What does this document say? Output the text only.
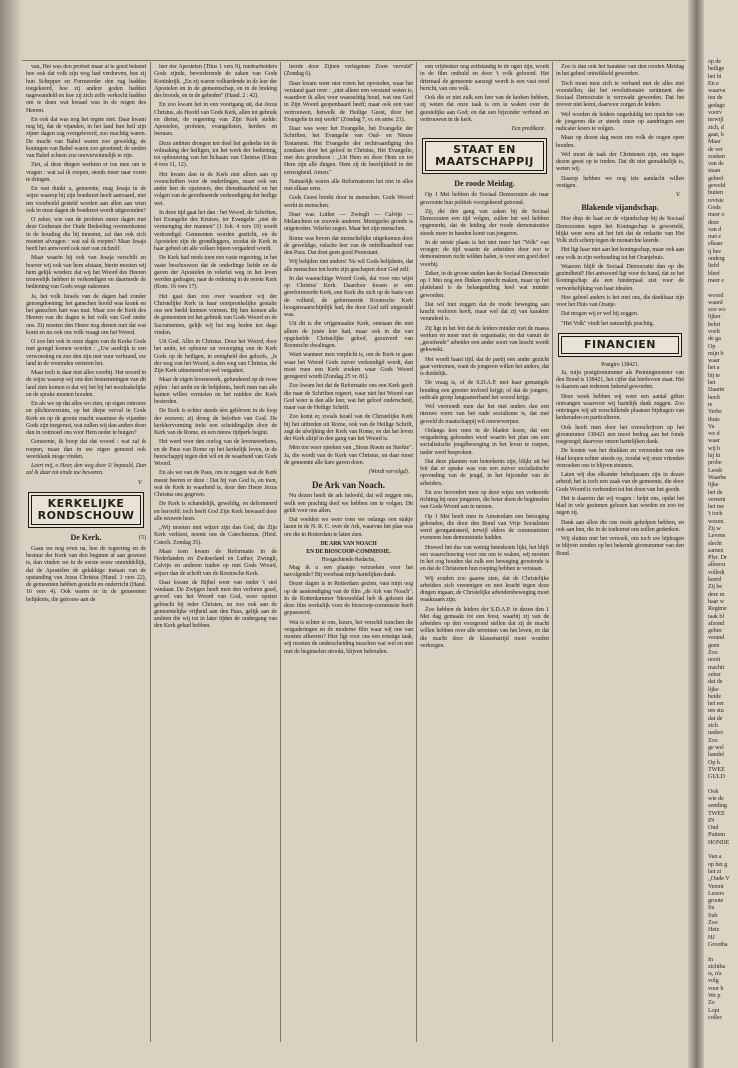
van, Het was den profeet maar al te goed bekend hoe ook dat volk zijn weg had verdorven, hoe zij hun Schepper en Formeerder den rug hadden toegekeerd, hoe zij andere goden hadden nagewandeld en hoe zij zich zelfs verkocht hadden om te doen wat kwaad was in de oogen des Heeren.

En ook dat was nog het ergste niet. Daar kwam nog bij, dat de vijanden, in het land hun heil zijn zijner dagen zag overgeleverd, zoo machtig waren. De macht van Babel waren zoo geweldig; de koningen van Babel waren zoo geoefend; de steden van Babel scheen zoo onoverwinnelijk te zijn.

Ziet, al deze dingen werkten er toe mee om te vragen : wat zal ik roepen, steeds meer naar voren te dringen.

En wat dunkt u, gemeente, mag Jesaja in de wijze waarop hij zijn boetkreet heeft aanvaard, niet ten voorbeeld gesteld worden aan allen aan wien ook in onze dagen de boetkreet wordt uitgezonden?

O zeker, wie van de profeten onzer dagen met deze Godsman der Oude Bedeeling overeenkomst in de houding die hij inneemt, zal dan ook zich moeten afvragen : wat zal ik roepen? Maar Jesaja heeft het antwoord ook niet van zichzelf.

Maar waarin hij ook van Jesaja verschilt en hoever wij ook van hem afstaan, hierin moeten wij hem gelijk worden: dat wij het Woord des Heeren trouwelijk hebben te verkondigen en daarmede de bediening van Gods wege nakomen.

Ja, het volk Israels van de dagen had zonder genoegdoening; het ganschen hoofd was krank en het ganschen hart was mat. Maar zoo de Kerk des Heeren van die dagen is het volk van God onder ons. Zij moeten den Heere nog dienen met dat wat komt en nu ook ons volk vraagt om het Woord.

O zoo het ook in onze dagen van de Kerke Gods met geregd komen worden : „Uw aardrijk is een verwoesting en zoo den zijn met vuur verbrand, uw land in de vreemden verteren het.

Maar toch is daar niet alles voorbij. Het woord in de wijze waarop wij ons den bestemmingen van dit land zien komen is dat wij het bij het noodzakelijke en de sprake moeten houden.

En als we op dat alles wo zien, op eigen ontrouw en plichtsverzuim, op het diepe verval in Gods Kerk en op de groote macht waarmee de vijanden Gods zijn toegerust, wat zullen wij dan anders doen dan in ootmoed ons voor Hem neder te buigen?

Gemeente, ik hoop dat dat woord : wat zal ik roepen, maar dan in uw eigen gemoed ook weerklank moge vinden.

Leert mij, o Heer, den weg door U bepaald, Dan zal ik daar tot einde toe bewaren.

V.
KERKELIJKE
RONDSCHOUW
De Kerk.	(5)

Gaan we nog even na, hoe de regeering en de bestuur der Kerk van den beginne af aan geweest is, dan vinden we in de eerste eeuw onmiddellijk, dat de Apostelen de gelukkige instaan van de opstanding van Jezus Christus (Hand. 1 vers 22), de gemeenten hebben gesticht en onderricht (Hand. 16 vers 4). Ook waren er in de gemeenten belijdenis, die getrouw aan de

leer der Apostelen (Titus 1 vers 9), medearbeiders Gods zijnde, bevorderende de zaken van Gods Koninkrijk. „En zij waren volhardende in de leer der Apostelen en in de gemeenschap, en in de breking des broods, en in de gebeden" (Hand. 2 : 42).

En zoo kwam het in een voortgang uit, dat Jezus Christus, als Hoofd van Gods Kerk, allen tot gebruik en dienst, de regeering van Zijn Kerk stelde: Apostelen, profeten, evangelisten, herders en leeraars.

Deze ambten droegen ten doel het gedeelte tot de volmaking der heiligen, tot het werk der bediening, tot opbouwing van het lichaam van Christus (Efeze 4 vers 11, 12).

Het kwam dan in de Kerk niet alleen aan op voorschriften voor de ouderlingen, maar ook om ander hen de opzieners, den dienstbaarheid en het volgen van de geordineerde verkondiging der heilige wet.

In deze tijd gaat het dan : het Woord, de Schriften, het Evangelie des Kruises, ter Evangelie „niet de vermenging der mannen" (1 Joh. 4 vers 10) wordt verkondigd. Gemeenten worden gesticht, en de Apostelen zijn de grondleggers, zoodat de Kerk in haar geheel uit alle volken bijeen vergaderd wordt.

De Kerk had reeds toen een vaste regeering, in het vaste beschouwen dat de onderlinge liefde en de gaven der Apostelen in velerlei weg in het leven werden gedragen, naar de ordening in de eerste Kerk (Rom. 16 vers 17).

Het gaat dan zoo over waardoor wij der Christelijke Kerk in haar oorspronkelijke gestalte ons een beeld kunnen vormen. Bij hen komen alle de gemeenten tot het gebruik van Gods Woord en de Sacramenten, gelijk wij het nog heden ten dage vinden.

Uit God. Alles in Christus. Door het Woord, door het ambt, tot opbouw en verzorging van de Kerk Gods op de heiligen, in eenigheid des geloofs, „Is der weg van het Woord, is den weg van Christus, die Zijn Kerk uitnemend en wel vergadert.

Maar de eigen levenswerk, gefundeerd op de twee pijlen : het ambt en de belijdenis, heeft men van alle kanten willen vernielen en het midden der Kerk bestreden.

De Kerk is echter steeds één gebleven in de loop der eeuwen; zij droeg de beloften van God. De kerkhervorming trekt een scheidingslijn door de Kerk van de Rome, en een nieuw tijdperk begint.

Het werd voor den oorlog van de levenswerkens, en de Paus van Rome op het kerkelijk leven, in de heerschappij tegen den wil en de waarheid van Gods Woord.

En als we van de Paus, om te zeggen wat de Kerk meest heeren er deze : Dat hij van God is, en toen, wat de Kerk in waarheid is, door den Heere Jezus Christus ons gegeven.

De Kerk is schandelijk, geweldig, en deformeerd en beroofd; toch heeft God Zijn Kerk bewaard door alle eeuwen heen.

„Wij moeten met wijzer zijn dan God, die Zijn Kerk verkiest, noemt ons de Catechismus. (Heid. Catech. Zondag 35).

Maar toen kwam de Reformatie in de Nederlanden en Zwitserland en Luther, Zwingli, Calvijn en anderen traden op met Gods Woord, wijzer dan de schrift van de Roomsche Kerk.

Daar kwam de Bijbel weer van onder 't stof vandaan. De Zwijgen heeft men den verloren goed, gevoel van het Woord van God, weer opzien gebracht bij ieder Christen, en zoo ook aan de gemeentelijke vrijheid aan den Paus, gelijk aan de ambten die wij tot in later tijden de ondergang van den Kerk gehad hebben.

leerde door Zijnen verlegenen Zoon vervuld" (Zondag 6).

Daar kwam weer niet voren het opvoeden, waar het verstand gaat over : „niet alleen een verstand weten is, waardoor ik alles voor waarachtig houd, wat ons God in Zijn Woord geopenbaard heeft; maar ook een vast vertrouwen, hetwelk de Heilige Geest, door het Evangelie in mij werkt" (Zondag 7, vr. en antw. 21).

Daar was weer het Evangelie, het Evangelie der Schriften, het Evangelie van Oud- en Nieuw Testament. Het Evangelie der rechtvaardiging des zondaars door het geloof in Christus, Het Evangelie, met den grondtoon : „Uit Hem en door Hem en tot Hem zijn alle dingen. Hem zij de heerlijkheid in der eeuwigheid. Amen."

Natuurlijk waren alle Reformatoren het niet in alles met elkaar eens.

Gods Geest breekt door in menschen. Gods Woord werkt in menschen.

Daar was Luther — Zwingli — Calvijn — Melanchton en zoovele anderen. Menigerlei gronde is uitgetreden. Velerlei zegen. Maar het zijn menschen.

Rome was boven dat menschelijke uitgekomen door de geweldige, valsche leer van de onfeilbaarheid van den Paus. Dat doet geen goed Protestant.

Wij belijden niet anders! Nu wil Gods belijdenis, dat alle menschen ten korte zijn geschapen door God zelf.

In dat waarachtige Woord Gods, dat voor ons wijst op Christus' Kerk. Daardoor kwam er een gereformeerde Kerk, een Kerk die zich op de basis van de volheid, de geformeerde Roomsche Kerk hoogstwaarschijnlijk had, die door God zelf uitgestald was.

Uit dit is die vrijgemaakte Kerk, ontstaan die niet alleen de juiste leer had, maar ook in die van opgeleefde Christelijke geloof, gezuiverd van Roomsche dwalingen.

Want wanneer men verplicht is, om de Kerk te gaan waar het Woord Gods zuiver verkondigd wordt, dan moet men een Kerk zoeken waar Gods Woord geregeerd wordt (Zondag 25 vr. 81).

Zoo kwam het dat de Reformatie ons een Kerk geeft die naar de Schriften regeert, waar niet het Woord van God weer is dan alle leer, wat het geloof onderscheid, maar van de Heilige Schrift.

Zoo komt er, zooals Israël van de Christelijke Kerk bij het uittreden uit Rome, ook van de Heilige Schrift, zegt de afwijking der Kerk van Rome, en dat het leven der Kerk altijd in den gang van het Woord is.

Men ten weer spreken van „Sions Roem en Sterkte". Ja, die wordt van de Kerk van Christus, en daar moet de gemeente alle hare gaven doen.

(Wordt vervolgd).
De Ark van Noach.

Nu dezen heeft de ark beloofd, dat wil zeggen ons, welk een prachtig doel we hebben om te volgen. Dit geldt voor ons allen.

Dat voelden we weer toen we onlangs een stukje lazen in de N. R. C. over de Ark, waarvan het plan was om die in Rotterdam te laten zien.

DE ARK VAN NOACH
EN DE BIOSCOOP-COMMISSIE.
Hoogachtende Redactie,

Mag ik u een plaatsje verzoeken voor het navolgende? Bij voorbaat mijn hartelijken dank.

Dezer dagen is in Rotterdam gezien, vast mijn oog op de aankondiging van de film „de Ark van Noach". In de Rotterdammer Nieuwsblad heb ik gelezen dat deze film werkelijk voor de bioscoop-commissie heeft gepasseerd.

Wat is echter te ons, lezers, het verschil tusschen die vergaderingen en de moderne film waar wij ons van moeten afkeeren? Hier ligt voor ons een ernstige taak, wij moeten de onderscheiding tusschen wat wel en niet met de beginselen strookt, blijven behouden.

een vrijdenker nog zelfstandig in de ogen zijn, wordt in de film onthuld en door 't volk gehoord. Het driemaal de gemeente aanzegt wordt is een vast rood bericht, van ons volk.

Ook die er niet zulk een leer van de kerken hebben, zij weten dat onze taak is om te waken over de geestelijke aan God; en dat een bijzonder verbond en vertrouwen in de kerk.

Een predikant.
STAAT EN
MAATSCHAPPIJ
De roode Meidag.

Op 1 Mei hebben de Sociaal Democraten als naar gewoonte hun politiek voorgekeerd getoond.

Zij, die den gang van zaken bij de Sociaal Democraten een tijd volgen, zullen het wel hebben opgemerkt, dat de leiding der roode demonstraties steeds meer in handen komt van jongeren.

In de eerste plaats is het niet meer het "Volk" van vroeger; de tijd waarin de arbeiders door zoo te demonstreren recht wilden halen, is voor een goed deel voorbij.

Zeker, in de groote steden kan de Sociaal Democratie op 1 Mei nog een flinken optocht maken, maar op het platteland is de belangstelling heel wat minder geworden.

Dat wil niet zeggen dat de roode beweging aan kracht verloren heeft, maar wel dat zij van karakter veranderd is.

Zij ligt in het feit dat de leiders minder met de massa werken en meer met de organisatie, en dat vanuit de „geoefende" arbeider een ander soort van kracht wordt gekweekt.

Het wordt haast tijd, dat de partij een ander gezicht gaat vertoonen, want de jongeren willen het anders, dat is duidelijk.

De vraag is, of de S.D.A.P. met haar gematigde houding een grooter invloed krijgt; of dat de jongere, radicale groep langzamerhand het woord krijgt.

Wel vermoedt men dat het niet anders dan een nieuwe vorm van het oude socialisme is, dat met geweld de maatschappij wil omverwerpen.

Onlangs kon men in de bladen lezen, dat een vergadering gehouden werd waarin het plan om een socialistische jeugdbeweging in het leven te roepen, nader werd besproken.

Dat deze plannen van beteekenis zijn, blijkt uit het feit dat er sprake was van een zuiver socialistische opvoeding van de jeugd, in het bijzonder van de arbeiders.

En zoo bevordert men op deze wijze een verkeerde richting bij onze jongeren, die beter doen de beginselen van Gods Woord aan te nemen.

Op 1 Mei heeft men in Amsterdam een betooging gehouden, die door den Bond van Vrije Socialisten werd georganiseerd, terwijl elders de communisten eveneens hun demonstratie hadden.

Hoewel het dus van weinig beteekenis lijkt, het blijft een waarschuwing voor ons om te waken, wij moeten in het oog houden dat zulk een beweging groeiende is en dat de Christenen hun roeping hebben te verstaan.

Wij zouden zoo gaarne zien, dat de Christelijke arbeiders zich vereenigen en met kracht tegen deze dingen ingaan; de Christelijke arbeidersbeweging moet waakzaam zijn.

Zoo hebben de leiders der S.D.A.P. in dezen den 1 Mei dag gemaakt tot een feest, waarbij zij van de arbeiders op den voorgrond stellen dat zij de macht willen hebben over alle terreinen van het leven, en dat die macht door de klassenstrijd moet worden verkregen.

Zoo is dan ook het karakter van den rooden Meidag in het geheel ontwikkeld geworden.

Toch moet men zich te verband met de alles niet voorstellen, dat het revolutionaire sentiment der Sociaal Democratie is verzwakt geworden. Dat het zoover niet komt, daarvoor zorgen de leiders.

Wel worden de leiders ongeduldig ten opzichte van de jongeren die er steeds meer op aandringen een radicaler koers te volgen.

Maar op dezen dag moet ons volk de oogen open houden.

Wel moet de taak der Christenen zijn, om tegen dezen geest op te treden. Dat dit niet gemakkelijk is, weten wij.

Daarop hebben we nog iets aandacht willen vestigen.

V.
Blakende vijandschap.

Hoe diep de haat en de vijandschap bij de Sociaal Democraten tegen het Koningschap is geworteld, blijkt weer eens uit het feit dat de redactie van Het Volk zich scherp tegen de monarchie keerde.

Het ligt haar niet aan het koningschap, maar ook aan ons volk in zijn verhouding tot het Oranjehuis.

Waarom blijft de Sociaal Democratie dan op die gezindheid? Het antwoord ligt voor de hand, dat ze het Koningschap als een hinderpaal ziet voor de verwerkelijking van haar idealen.

Hoe geheel anders is het met ons, die dankbaar zijn voor het Huis van Oranje.

Dat mogen wij er wel bij zeggen.

"Het Volk" vindt het natuurlijk prachtig.

FINANCIEN
Postgiro 138421.

Ja, mijn postgironummer als Penningmeester van den Bond is 138421, het cijfer dat hierboven staat. Het is daarom aan iedereen bekend geworden.

Deze week hebben wij weer een aantal giften ontvangen waarvoor wij hartelijk dank zeggen. Zoo ontvingen wij uit verschillende plaatsen bijdragen van kerkeraden en particulieren.

Ook heeft men door het overschrijven op het gironummer 138421 een mooi bedrag aan het fonds toegezegd; daarvoor onzen hartelijken dank.

De kosten van het drukken en verzenden van ons blad loopen echter steeds op, zoodat wij onze vrienden verzoeken ons te blijven steunen.

Laten wij dus elkander behulpzaam zijn in dezen arbeid; het is toch een zaak van de gemeente, die door Gods Woord is verbonden tot het doen van het goede.

Het is daarom dat wij vragen : helpt ons, opdat het blad in vele gezinnen gelezen kan worden en zoo tot zegen zij.

Dank aan allen die ons reeds geholpen hebben, en ook aan hen, die in de toekomst ons zullen gedenken.

Wij sluiten met het verzoek, om toch uw bijdragen te blijven zenden op het bekende gironummer van den Bond.

op de
heilige
het bi
En e
waarva
ten de
gedage
voorv
terwijl
zich, d
gaat, h
Maar
de ver
zoeken
van de
staan
geheel
geweld
buiten
revisie
Gods
meer o
deze
van d
met e
elkaar
ij hee
onderg
liefd
bleef
meer e

woord
waard
zoo wo
lijker
bebri
voelt
de ga
Op
mijn b
waar
het a
bij te
het
Daarin
heeft
te
Verbe
thuis
Va
we d
waar
wij h
hij ki
probe
Leesb
Waarbe
lijke
het de
vereeni
het me
't toch
wezen.
Zij w
Levens
slecht
samen
Plyt. Dr
alleerst
volledi
keerd
Zij be
dere m
haar w
Regime
taak bl
afzond
gehee
verand
geen
Zoo
nooit
machti
zeker
dat de
lijke
beide
het eer
ten stu
dat de
zich
naderi
Zoo
ge wel
handel
Op h
TWEE
GULD

Ook
wie de
zending
TWEE
IN
Oud
Puttem
HONDE

Van a
op het g
het zi
,,Oude V
Vereni
Lezers
groote
Su
Sub
Zoo
Hetz
HJ
Grootha

In
zichtba
is, n'a
volg
voor h
We p
Zo
Lopt
collec
